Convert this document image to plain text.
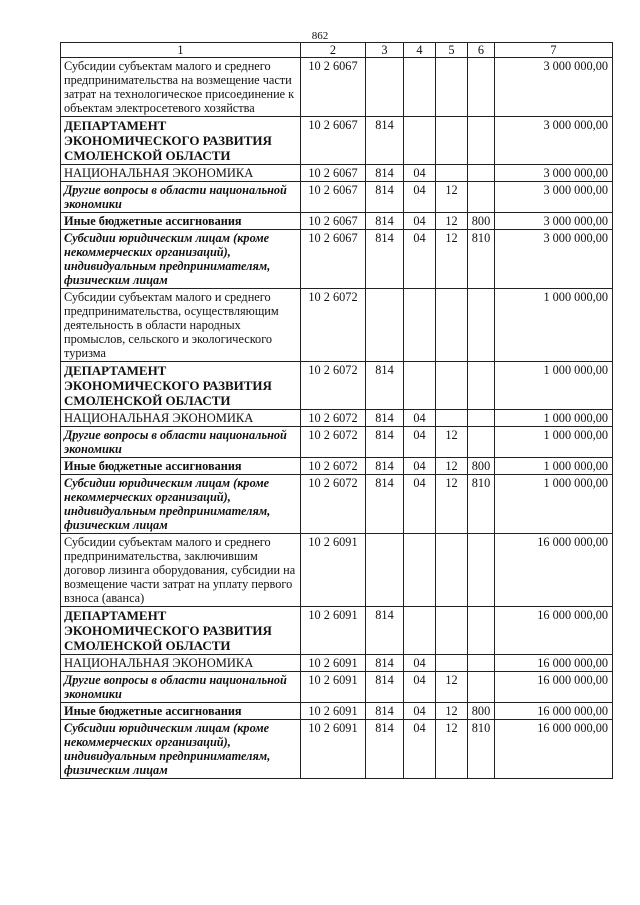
862
1	2	3	4	5	6	7
Субсидии субъектам малого и среднего предпринимательства на возмещение части затрат на технологическое присоединение к объектам электросетевого хозяйства	10 2 6067					3 000 000,00
ДЕПАРТАМЕНТ ЭКОНОМИЧЕСКОГО РАЗВИТИЯ СМОЛЕНСКОЙ ОБЛАСТИ	10 2 6067	814				3 000 000,00
НАЦИОНАЛЬНАЯ ЭКОНОМИКА	10 2 6067	814	04			3 000 000,00
Другие вопросы в области национальной экономики	10 2 6067	814	04	12		3 000 000,00
Иные бюджетные ассигнования	10 2 6067	814	04	12	800	3 000 000,00
Субсидии юридическим лицам (кроме некоммерческих организаций), индивидуальным предпринимателям, физическим лицам	10 2 6067	814	04	12	810	3 000 000,00
Субсидии субъектам малого и среднего предпринимательства, осуществляющим деятельность в области народных промыслов, сельского и экологического туризма	10 2 6072					1 000 000,00
ДЕПАРТАМЕНТ ЭКОНОМИЧЕСКОГО РАЗВИТИЯ СМОЛЕНСКОЙ ОБЛАСТИ	10 2 6072	814				1 000 000,00
НАЦИОНАЛЬНАЯ ЭКОНОМИКА	10 2 6072	814	04			1 000 000,00
Другие вопросы в области национальной экономики	10 2 6072	814	04	12		1 000 000,00
Иные бюджетные ассигнования	10 2 6072	814	04	12	800	1 000 000,00
Субсидии юридическим лицам (кроме некоммерческих организаций), индивидуальным предпринимателям, физическим лицам	10 2 6072	814	04	12	810	1 000 000,00
Субсидии субъектам малого и среднего предпринимательства, заключившим договор лизинга оборудования, субсидии на возмещение части затрат на уплату первого взноса (аванса)	10 2 6091					16 000 000,00
ДЕПАРТАМЕНТ ЭКОНОМИЧЕСКОГО РАЗВИТИЯ СМОЛЕНСКОЙ ОБЛАСТИ	10 2 6091	814				16 000 000,00
НАЦИОНАЛЬНАЯ ЭКОНОМИКА	10 2 6091	814	04			16 000 000,00
Другие вопросы в области национальной экономики	10 2 6091	814	04	12		16 000 000,00
Иные бюджетные ассигнования	10 2 6091	814	04	12	800	16 000 000,00
Субсидии юридическим лицам (кроме некоммерческих организаций), индивидуальным предпринимателям, физическим лицам	10 2 6091	814	04	12	810	16 000 000,00
